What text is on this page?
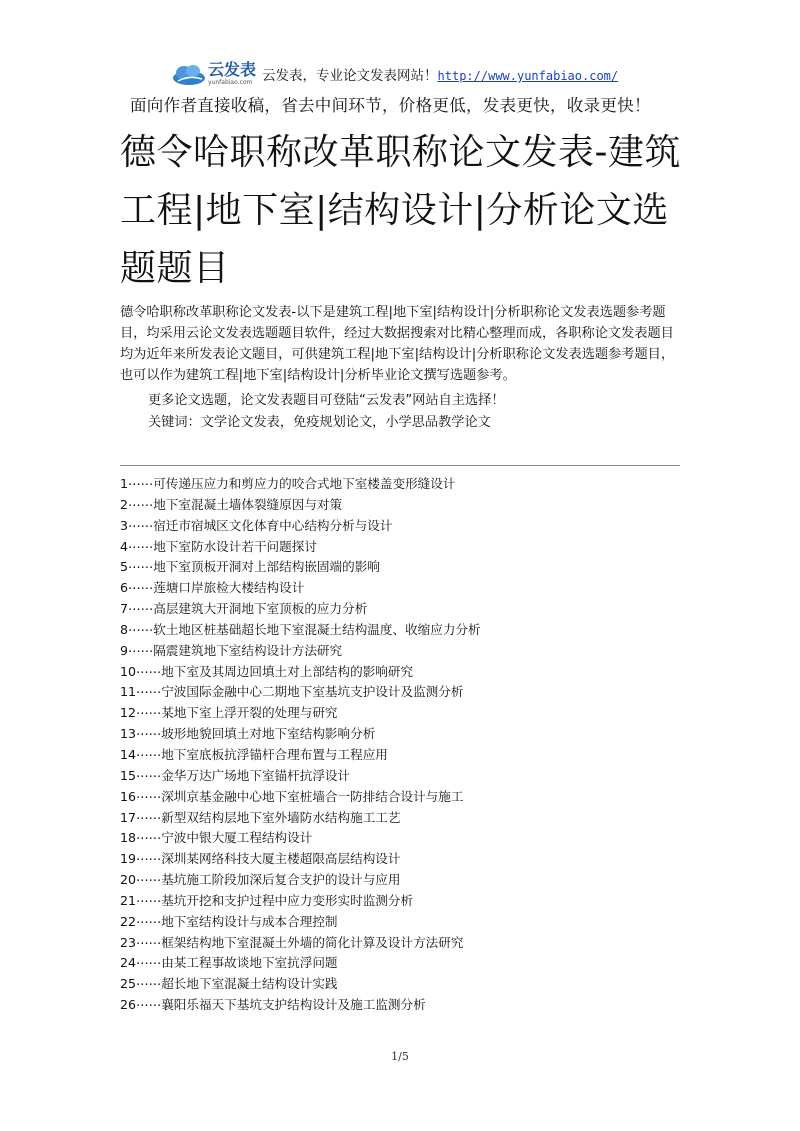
云发表
yunfabiao.com 云发表，专业论文发表网站！http://www.yunfabiao.com/
面向作者直接收稿，省去中间环节，价格更低，发表更快，收录更快！
德令哈职称改革职称论文发表-建筑工程|地下室|结构设计|分析论文选题题目

德令哈职称改革职称论文发表-以下是建筑工程|地下室|结构设计|分析职称论文发表选题参考题目，均采用云论文发表选题题目软件，经过大数据搜索对比精心整理而成，各职称论文发表题目均为近年来所发表论文题目，可供建筑工程|地下室|结构设计|分析职称论文发表选题参考题目，也可以作为建筑工程|地下室|结构设计|分析毕业论文撰写选题参考。

更多论文选题，论文发表题目可登陆“云发表”网站自主选择！
关键词：文学论文发表，免疫规划论文，小学思品教学论文
1⋯⋯可传递压应力和剪应力的咬合式地下室楼盖变形缝设计
2⋯⋯地下室混凝土墙体裂缝原因与对策
3⋯⋯宿迁市宿城区文化体育中心结构分析与设计
4⋯⋯地下室防水设计若干问题探讨
5⋯⋯地下室顶板开洞对上部结构嵌固端的影响
6⋯⋯莲塘口岸旅检大楼结构设计
7⋯⋯高层建筑大开洞地下室顶板的应力分析
8⋯⋯软土地区桩基础超长地下室混凝土结构温度、收缩应力分析
9⋯⋯隔震建筑地下室结构设计方法研究
10⋯⋯地下室及其周边回填土对上部结构的影响研究
11⋯⋯宁波国际金融中心二期地下室基坑支护设计及监测分析
12⋯⋯某地下室上浮开裂的处理与研究
13⋯⋯坡形地貌回填土对地下室结构影响分析
14⋯⋯地下室底板抗浮锚杆合理布置与工程应用
15⋯⋯金华万达广场地下室锚杆抗浮设计
16⋯⋯深圳京基金融中心地下室桩墙合一防排结合设计与施工
17⋯⋯新型双结构层地下室外墙防水结构施工工艺
18⋯⋯宁波中银大厦工程结构设计
19⋯⋯深圳某网络科技大厦主楼超限高层结构设计
20⋯⋯基坑施工阶段加深后复合支护的设计与应用
21⋯⋯基坑开挖和支护过程中应力变形实时监测分析
22⋯⋯地下室结构设计与成本合理控制
23⋯⋯框架结构地下室混凝土外墙的简化计算及设计方法研究
24⋯⋯由某工程事故谈地下室抗浮问题
25⋯⋯超长地下室混凝土结构设计实践
26⋯⋯襄阳乐福天下基坑支护结构设计及施工监测分析
1/5
